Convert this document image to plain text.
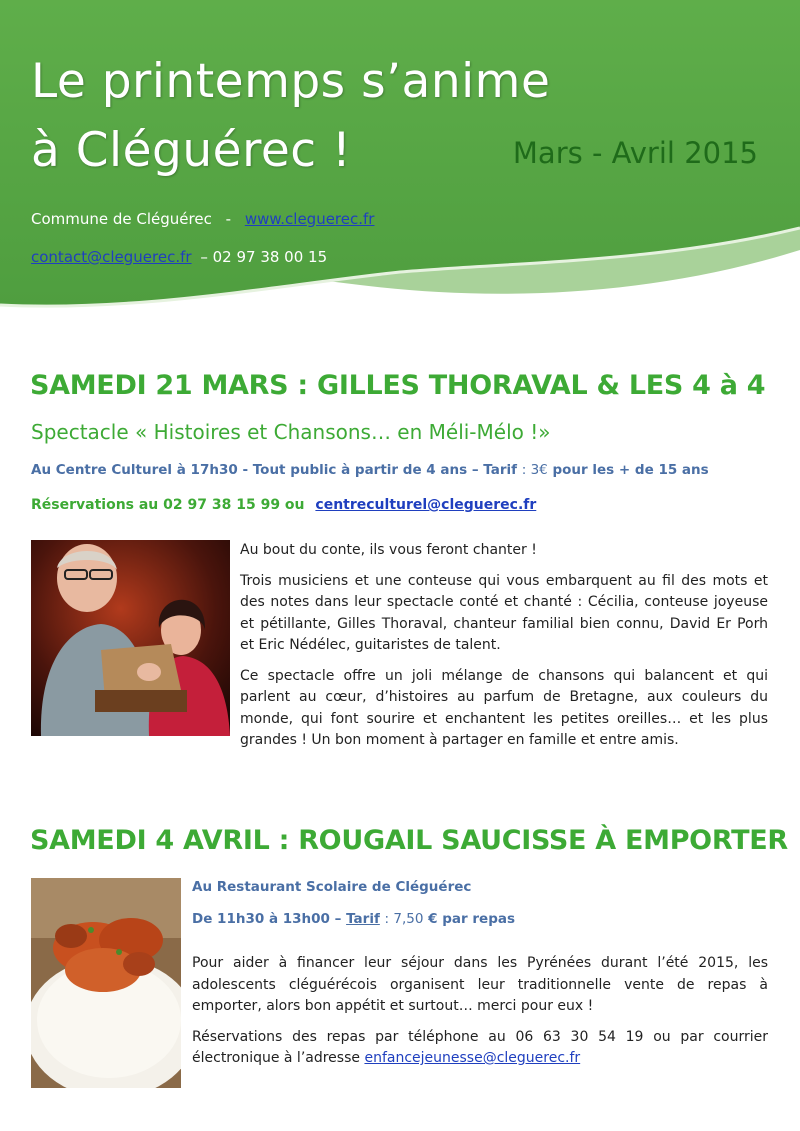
Le printemps s’anime
à Cléguérec !	Mars - Avril 2015
Commune de Cléguérec - www.cleguerec.fr
contact@cleguerec.fr – 02 97 38 00 15
SAMEDI 21 MARS : GILLES THORAVAL & LES 4 à 4
Spectacle « Histoires et Chansons… en Méli-Mélo !»
Au Centre Culturel à 17h30 - Tout public à partir de 4 ans – Tarif : 3€ pour les + de 15 ans
Réservations au 02 97 38 15 99 ou centreculturel@cleguerec.fr

Au bout du conte, ils vous feront chanter !

Trois musiciens et une conteuse qui vous embarquent au fil des mots et des notes dans leur spectacle conté et chanté : Cécilia, conteuse joyeuse et pétillante, Gilles Thoraval, chanteur familial bien connu, David Er Porh et Eric Nédélec, guitaristes de talent.

Ce spectacle offre un joli mélange de chansons qui balancent et qui parlent au cœur, d’histoires au parfum de Bretagne, aux couleurs du monde, qui font sourire et enchantent les petites oreilles… et les plus grandes ! Un bon moment à partager en famille et entre amis.

SAMEDI 4 AVRIL : ROUGAIL SAUCISSE À EMPORTER
Au Restaurant Scolaire de Cléguérec
De 11h30 à 13h00 – Tarif : 7,50 € par repas

Pour aider à financer leur séjour dans les Pyrénées durant l’été 2015, les adolescents cléguérécois organisent leur traditionnelle vente de repas à emporter, alors bon appétit et surtout… merci pour eux !

Réservations des repas par téléphone au 06 63 30 54 19 ou par courrier électronique à l’adresse enfancejeunesse@cleguerec.fr
